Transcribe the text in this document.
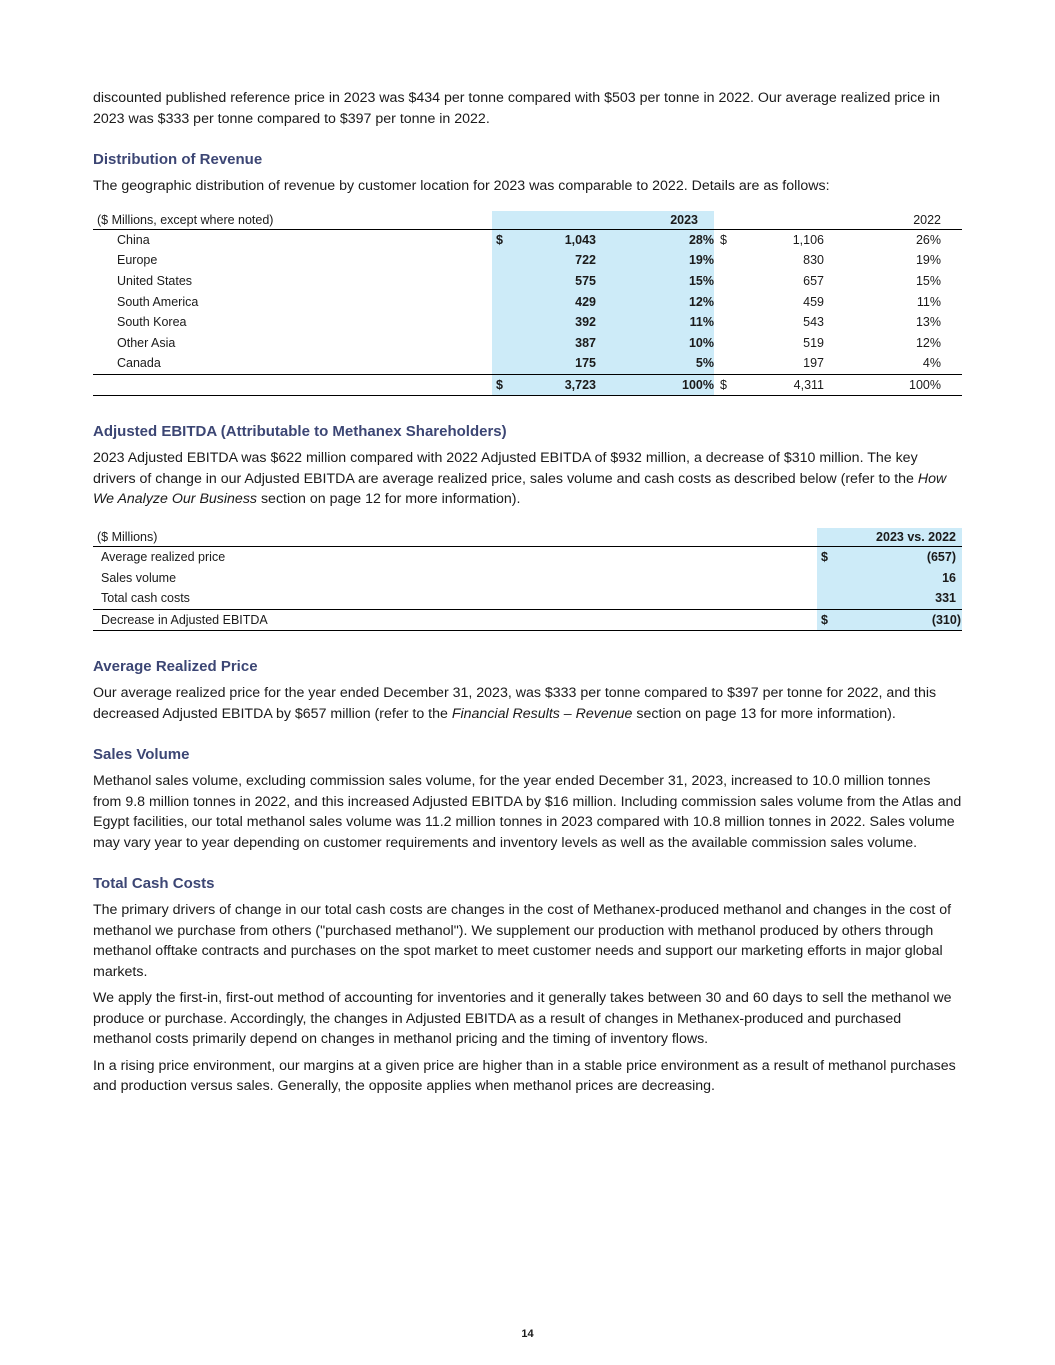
discounted published reference price in 2023 was $434 per tonne compared with $503 per tonne in 2022. Our average realized price in 2023 was $333 per tonne compared to $397 per tonne in 2022.

Distribution of Revenue

The geographic distribution of revenue by customer location for 2023 was comparable to 2022. Details are as follows:

($ Millions, except where noted)				2023			2022	
	China	$	1,043	28%	$	1,106	26%	
	Europe		722	19%		830	19%	
	United States		575	15%		657	15%	
	South America		429	12%		459	11%	
	South Korea		392	11%		543	13%	
	Other Asia		387	10%		519	12%	
	Canada		175	5%		197	4%	
		$	3,723	100%	$	4,311	100%	
Adjusted EBITDA (Attributable to Methanex Shareholders)

2023 Adjusted EBITDA was $622 million compared with 2022 Adjusted EBITDA of $932 million, a decrease of $310 million. The key drivers of change in our Adjusted EBITDA are average realized price, sales volume and cash costs as described below (refer to the How We Analyze Our Business section on page 12 for more information).

($ Millions)		2023 vs. 2022
Average realized price	$	(657)
Sales volume		16
Total cash costs		331
Decrease in Adjusted EBITDA	$	(310)
Average Realized Price

Our average realized price for the year ended December 31, 2023, was $333 per tonne compared to $397 per tonne for 2022, and this decreased Adjusted EBITDA by $657 million (refer to the Financial Results – Revenue section on page 13 for more information).

Sales Volume

Methanol sales volume, excluding commission sales volume, for the year ended December 31, 2023, increased to 10.0 million tonnes from 9.8 million tonnes in 2022, and this increased Adjusted EBITDA by $16 million. Including commission sales volume from the Atlas and Egypt facilities, our total methanol sales volume was 11.2 million tonnes in 2023 compared with 10.8 million tonnes in 2022. Sales volume may vary year to year depending on customer requirements and inventory levels as well as the available commission sales volume.

Total Cash Costs

The primary drivers of change in our total cash costs are changes in the cost of Methanex-produced methanol and changes in the cost of methanol we purchase from others ("purchased methanol"). We supplement our production with methanol produced by others through methanol offtake contracts and purchases on the spot market to meet customer needs and support our marketing efforts in major global markets.

We apply the first-in, first-out method of accounting for inventories and it generally takes between 30 and 60 days to sell the methanol we produce or purchase. Accordingly, the changes in Adjusted EBITDA as a result of changes in Methanex-produced and purchased methanol costs primarily depend on changes in methanol pricing and the timing of inventory flows.

In a rising price environment, our margins at a given price are higher than in a stable price environment as a result of methanol purchases and production versus sales. Generally, the opposite applies when methanol prices are decreasing.

14
